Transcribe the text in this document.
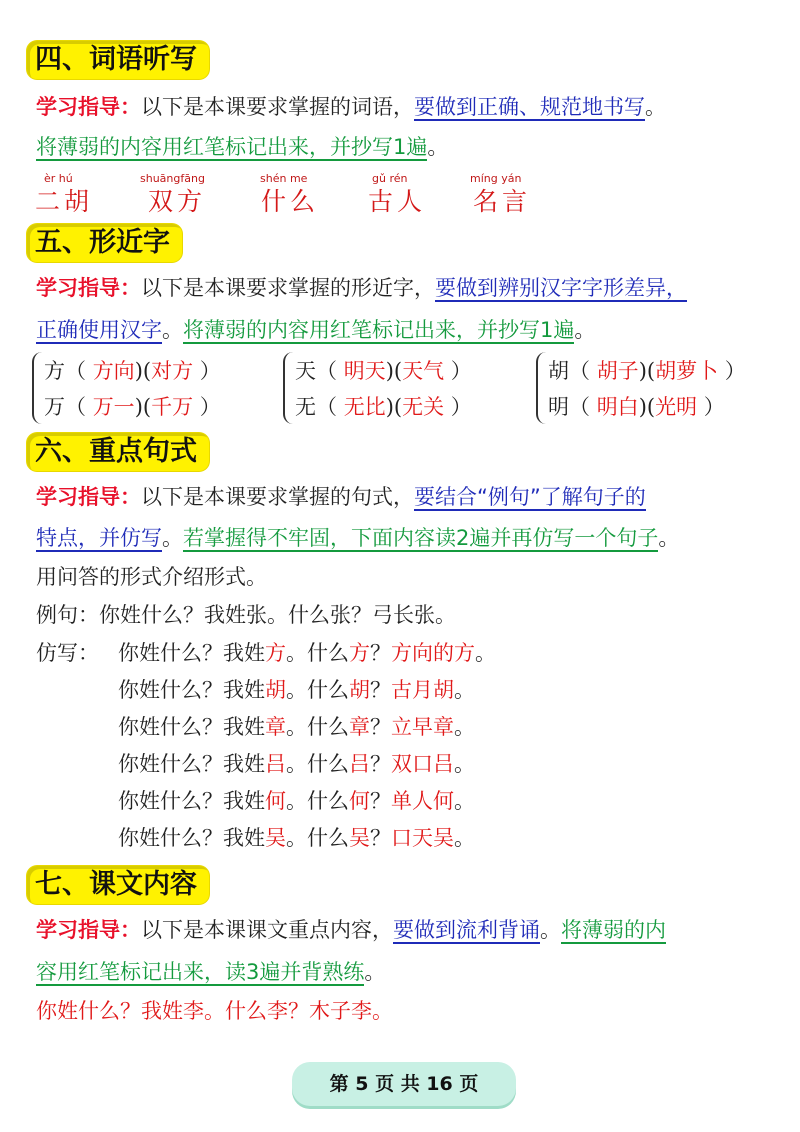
四、词语听写
学习指导：以下是本课要求掌握的词语，要做到正确、规范地书写。
将薄弱的内容用红笔标记出来，并抄写1遍。
èr hú
二胡
shuāngfāng
双方
shén me
什么
gǔ rén
古人
míng yán
名言
五、形近字
学习指导：以下是本课要求掌握的形近字，要做到辨别汉字字形差异，
正确使用汉字。将薄弱的内容用红笔标记出来，并抄写1遍。
方（ 方向)(对方 ）
万（ 万一)(千万 ）
天（ 明天)(天气 ）
无（ 无比)(无关 ）
胡（ 胡子)(胡萝卜 ）
明（ 明白)(光明 ）
六、重点句式
学习指导：以下是本课要求掌握的句式，要结合“例句”了解句子的
特点，并仿写。若掌握得不牢固，下面内容读2遍并再仿写一个句子。
用问答的形式介绍形式。
例句：你姓什么？我姓张。什么张？弓长张。
仿写： 你姓什么？我姓方。什么方？方向的方。
你姓什么？我姓胡。什么胡？古月胡。
你姓什么？我姓章。什么章？立早章。
你姓什么？我姓吕。什么吕？双口吕。
你姓什么？我姓何。什么何？单人何。
你姓什么？我姓吴。什么吴？口天吴。
七、课文内容
学习指导：以下是本课课文重点内容，要做到流利背诵。将薄弱的内
容用红笔标记出来，读3遍并背熟练。
你姓什么？我姓李。什么李？木子李。
第 5 页 共 16 页
